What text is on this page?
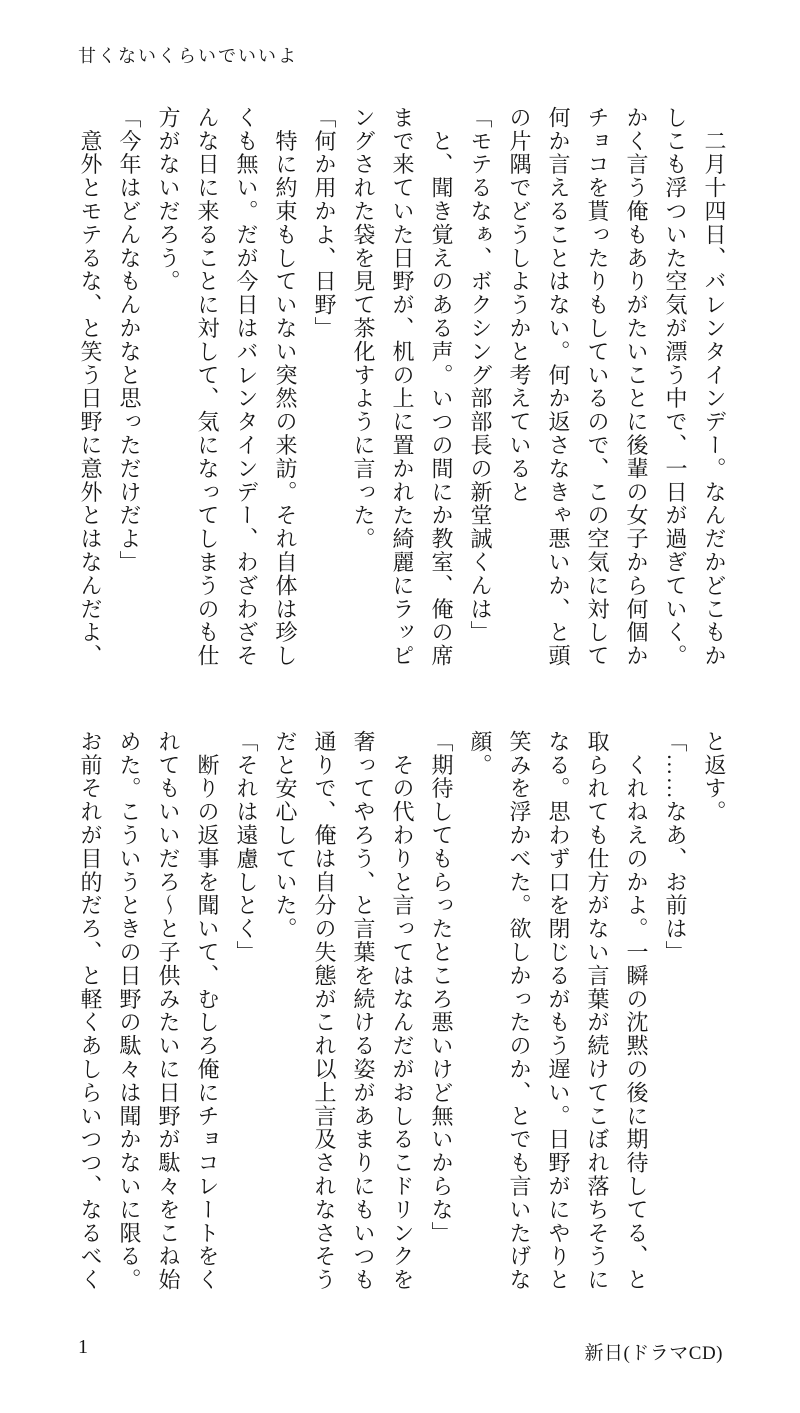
甘くないくらいでいいよ

　二月十四日、バレンタインデー。なんだかどこもか

しこも浮ついた空気が漂う中で、一日が過ぎていく。

かく言う俺もありがたいことに後輩の女子から何個か

チョコを貰ったりもしているので、この空気に対して

何か言えることはない。何か返さなきゃ悪いか、と頭

の片隅でどうしようかと考えていると

「モテるなぁ、ボクシング部部長の新堂誠くんは」

　と、聞き覚えのある声。いつの間にか教室、俺の席

まで来ていた日野が、机の上に置かれた綺麗にラッピ

ングされた袋を見て茶化すように言った。

「何か用かよ、日野」

　特に約束もしていない突然の来訪。それ自体は珍し

くも無い。だが今日はバレンタインデー、わざわざそ

んな日に来ることに対して、気になってしまうのも仕

方がないだろう。

「今年はどんなもんかなと思っただけだよ」

　意外とモテるな、と笑う日野に意外とはなんだよ、

と返す。

「……なあ、お前は」

　くれねえのかよ。一瞬の沈黙の後に期待してる、と

取られても仕方がない言葉が続けてこぼれ落ちそうに

なる。思わず口を閉じるがもう遅い。日野がにやりと

笑みを浮かべた。欲しかったのか、とでも言いたげな

顔。

「期待してもらったところ悪いけど無いからな」

　その代わりと言ってはなんだがおしるこドリンクを

奢ってやろう、と言葉を続ける姿があまりにもいつも

通りで、俺は自分の失態がこれ以上言及されなさそう

だと安心していた。

「それは遠慮しとく」

　断りの返事を聞いて、むしろ俺にチョコレートをく

れてもいいだろ～と子供みたいに日野が駄々をこね始

めた。こういうときの日野の駄々は聞かないに限る。

お前それが目的だろ、と軽くあしらいつつ、なるべく

1	新日(ドラマCD)
